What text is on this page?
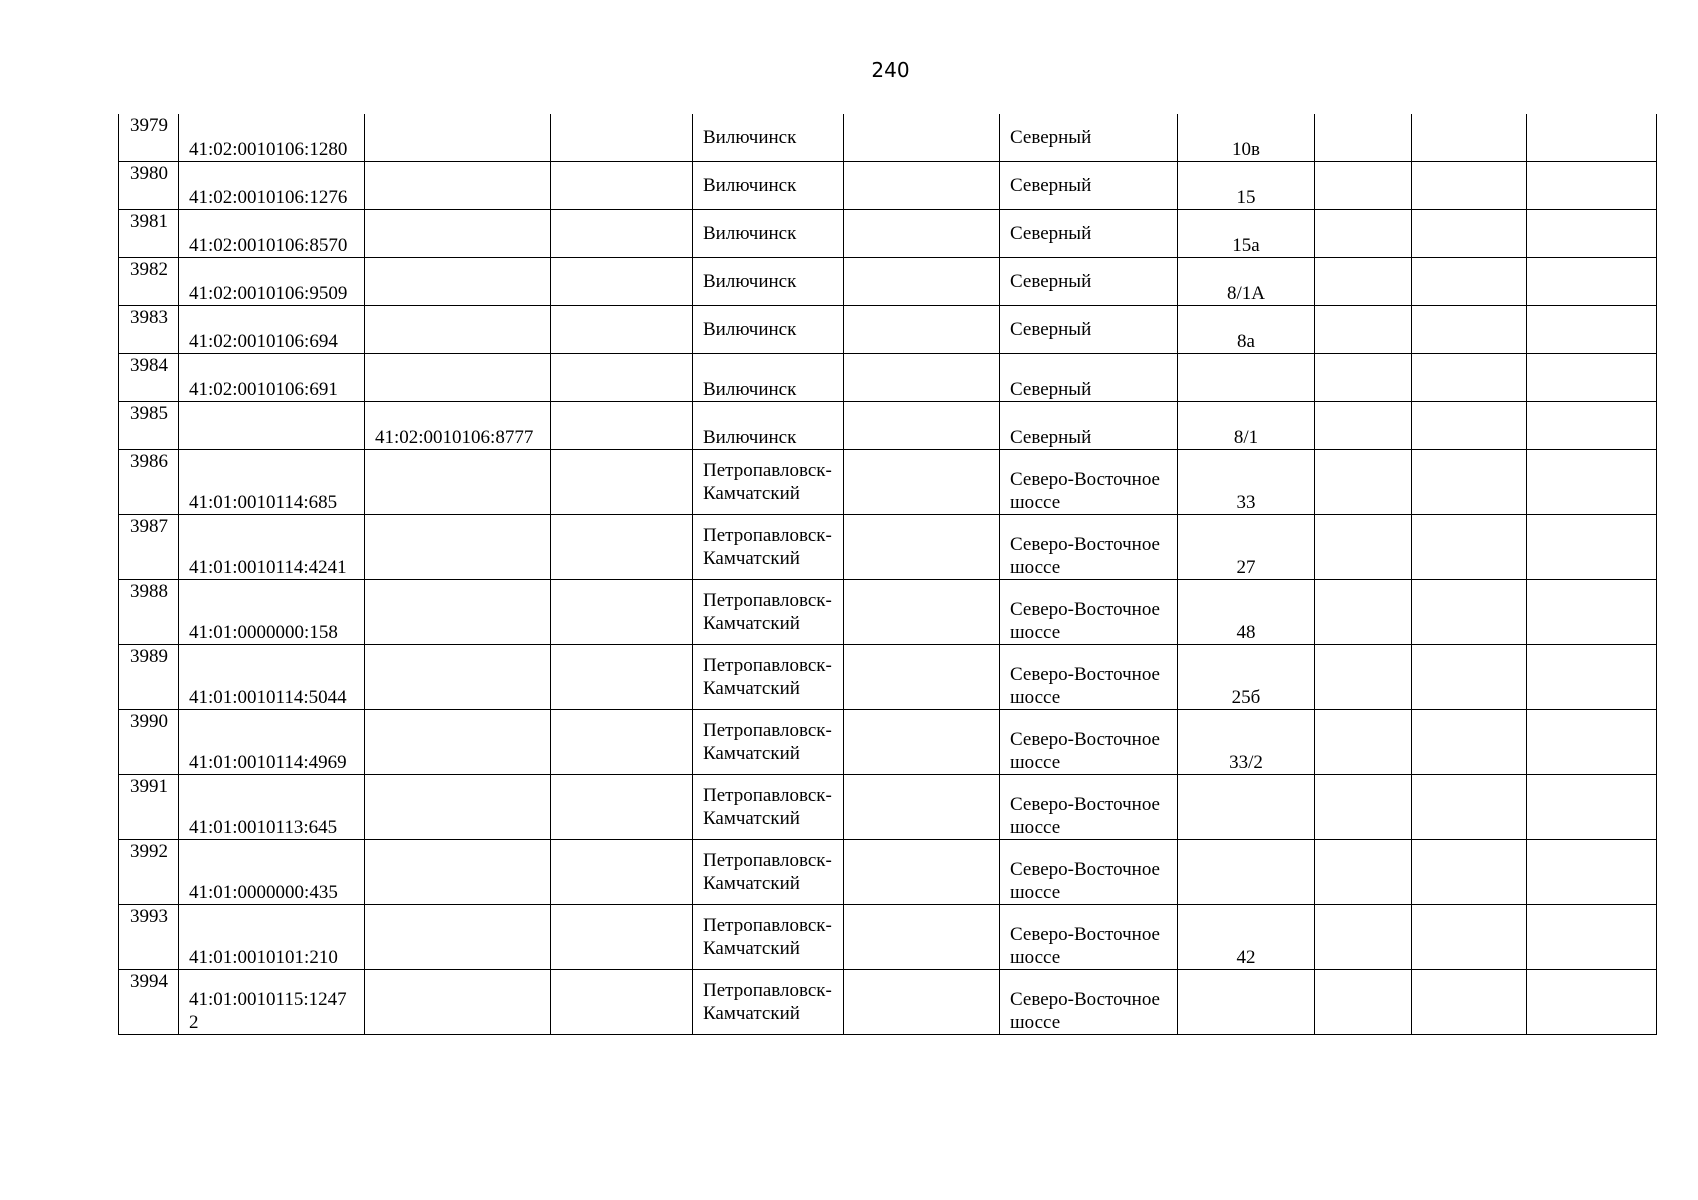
240
3979	41:02:0010106:1280			Вилючинск		Северный	10в			
3980	41:02:0010106:1276			Вилючинск		Северный	15			
3981	41:02:0010106:8570			Вилючинск		Северный	15а			
3982	41:02:0010106:9509			Вилючинск		Северный	8/1А			
3983	41:02:0010106:694			Вилючинск		Северный	8а			
3984	41:02:0010106:691			Вилючинск		Северный				
3985		41:02:0010106:8777		Вилючинск		Северный	8/1			
3986	41:01:0010114:685			Петропавловск-Камчатский		Северо-Восточное шоссе	33			
3987	41:01:0010114:4241			Петропавловск-Камчатский		Северо-Восточное шоссе	27			
3988	41:01:0000000:158			Петропавловск-Камчатский		Северо-Восточное шоссе	48			
3989	41:01:0010114:5044			Петропавловск-Камчатский		Северо-Восточное шоссе	25б			
3990	41:01:0010114:4969			Петропавловск-Камчатский		Северо-Восточное шоссе	33/2			
3991	41:01:0010113:645			Петропавловск-Камчатский		Северо-Восточное шоссе				
3992	41:01:0000000:435			Петропавловск-Камчатский		Северо-Восточное шоссе				
3993	41:01:0010101:210			Петропавловск-Камчатский		Северо-Восточное шоссе	42			
3994	41:01:0010115:12472			Петропавловск-Камчатский		Северо-Восточное шоссе				
